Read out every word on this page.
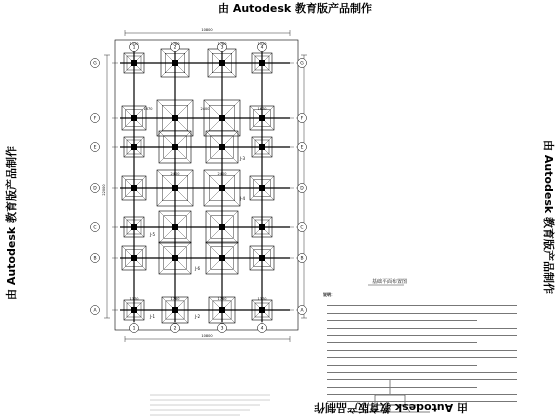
1
1
2
2
3
3
4
4
G	G
F	F
E	E
D	D
C	C
B	B
A	A
10800
10800
22000
1530	1760	1760	1530
1670	2400	1670
2400	2400
1370	1760	1760	1370
J-1	J-2
J-3
J-4
J-5
J-6
由 Autodesk 教育版产品制作
由 Autodesk 教育版产品制作	由 Autodesk 教育版产品制作
由 Autodesk 教育版产品制作
基础平面布置图
说明：
